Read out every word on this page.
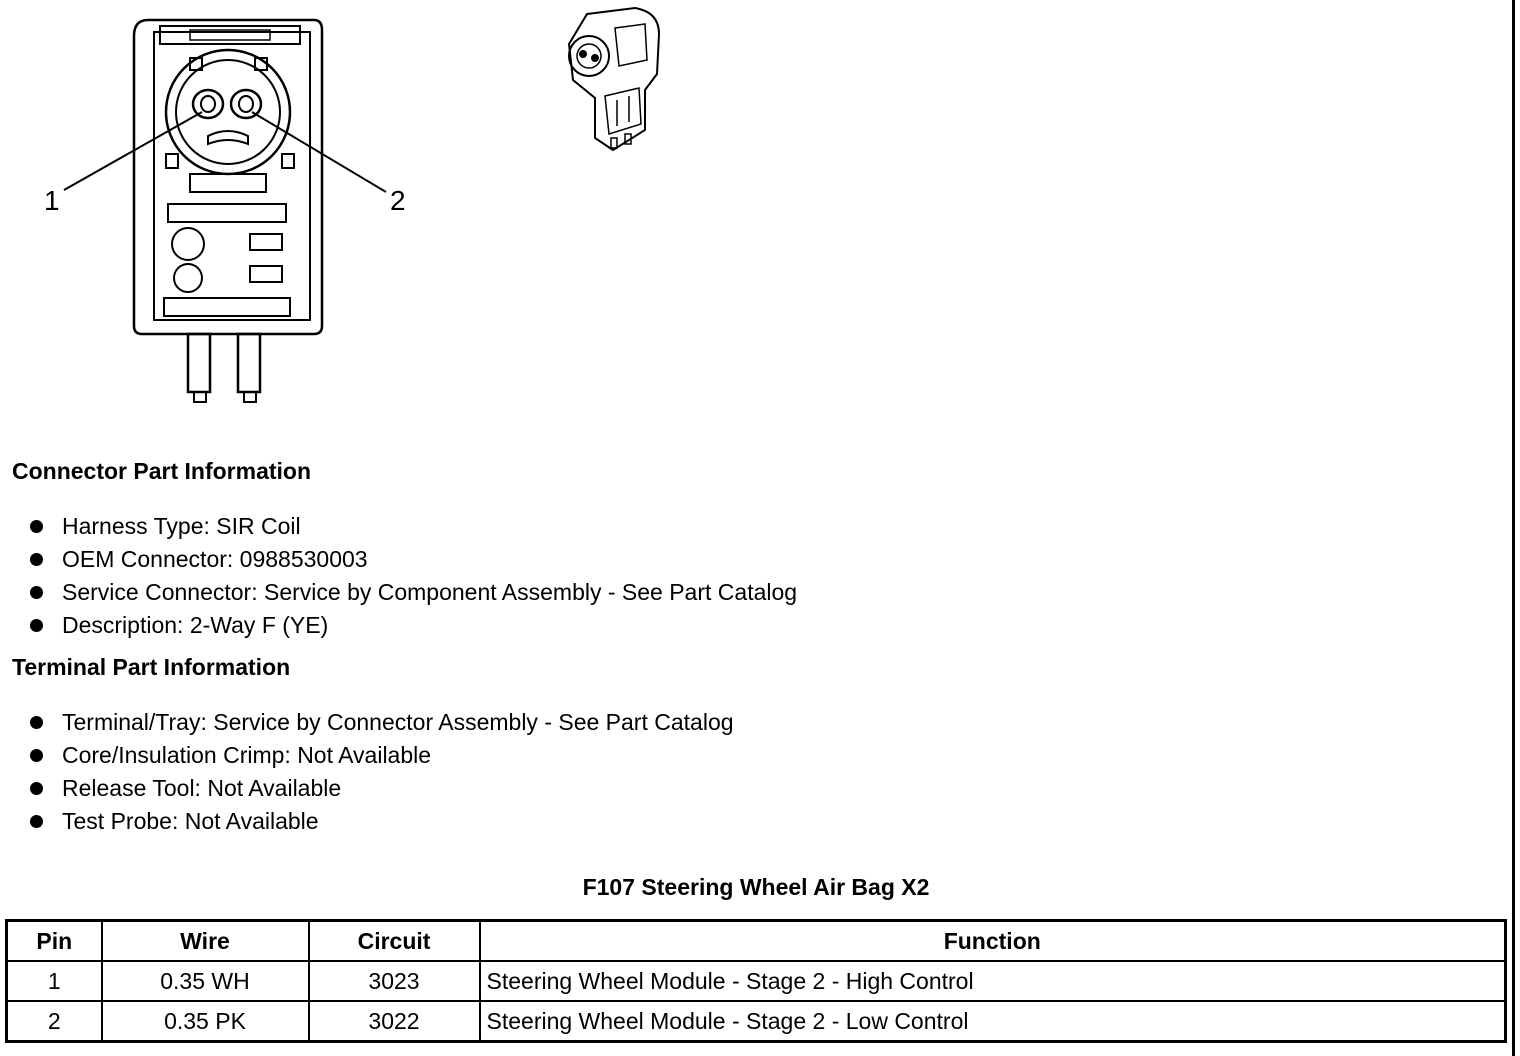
1	2
Connector Part Information
Harness Type: SIR Coil
OEM Connector: 0988530003
Service Connector: Service by Component Assembly - See Part Catalog
Description: 2-Way F (YE)
Terminal Part Information
Terminal/Tray: Service by Connector Assembly - See Part Catalog
Core/Insulation Crimp: Not Available
Release Tool: Not Available
Test Probe: Not Available
F107 Steering Wheel Air Bag X2
Pin	Wire	Circuit	Function
1	0.35 WH	3023	Steering Wheel Module - Stage 2 - High Control
2	0.35 PK	3022	Steering Wheel Module - Stage 2 - Low Control
